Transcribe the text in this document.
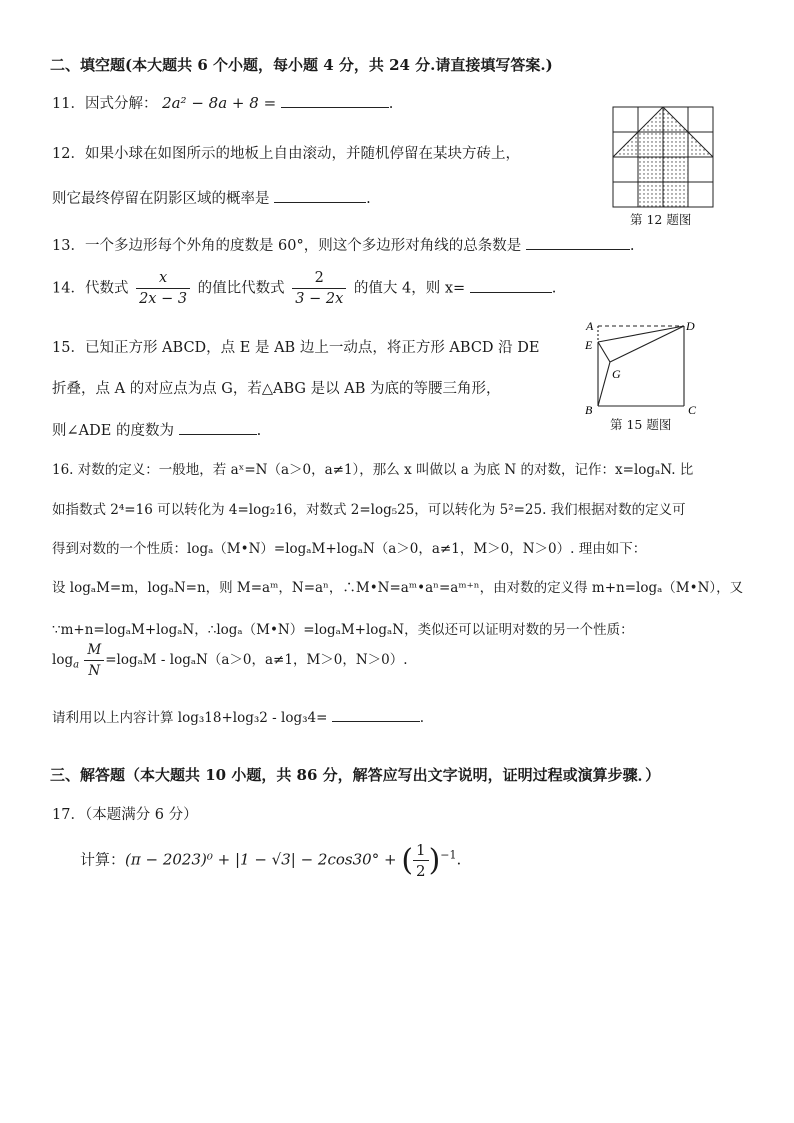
二、填空题(本大题共 6 个小题，每小题 4 分，共 24 分.请直接填写答案.)
11．因式分解： 2a² − 8a + 8 =	.
12．如果小球在如图所示的地板上自由滚动，并随机停留在某块方砖上，
则它最终停留在阴影区域的概率是	.
第 12 题图
13．一个多边形每个外角的度数是 60°，则这个多边形对角线的总条数是	.
14．代数式 $\frac{x}{2x - 3}$ 的值比代数式 $\frac{2}{3 - 2x}$ 的值大 4，则 x=	.
15．已知正方形 ABCD，点 E 是 AB 边上一动点，将正方形 ABCD 沿 DE
折叠，点 A 的对应点为点 G，若△ABG 是以 AB 为底的等腰三角形，
则∠ADE 的度数为	.
A	D
E
G
B	C
第 15 题图
16. 对数的定义：一般地，若 aˣ=N（a＞0，a≠1），那么 x 叫做以 a 为底 N 的对数，记作：x=logₐN. 比
如指数式 2⁴=16 可以转化为 4=log₂16，对数式 2=log₅25，可以转化为 5²=25. 我们根据对数的定义可
得到对数的一个性质：logₐ（M•N）=logₐM+logₐN（a＞0，a≠1，M＞0，N＞0）. 理由如下：
设 logₐM=m，logₐN=n，则 M=aᵐ，N=aⁿ，∴M•N=aᵐ•aⁿ=aᵐ⁺ⁿ，由对数的定义得 m+n=logₐ（M•N），又
∵m+n=logₐM+logₐN，∴logₐ（M•N）=logₐM+logₐN，类似还可以证明对数的另一个性质：
$\log_a \frac{M}{N} =\log_aM - \log_aN(a>0$，a≠1，M＞0，N＞0）.
请利用以上内容计算 log₃18+log₃2 - log₃4=	.
三、解答题（本大题共 10 小题，共 86 分，解答应写出文字说明，证明过程或演算步骤．）
17．（本题满分 6 分）
计算：(π − 2023)⁰ + |1 − √3| − 2cos30° + ( $\frac{1}{2} )^{-1}$.
